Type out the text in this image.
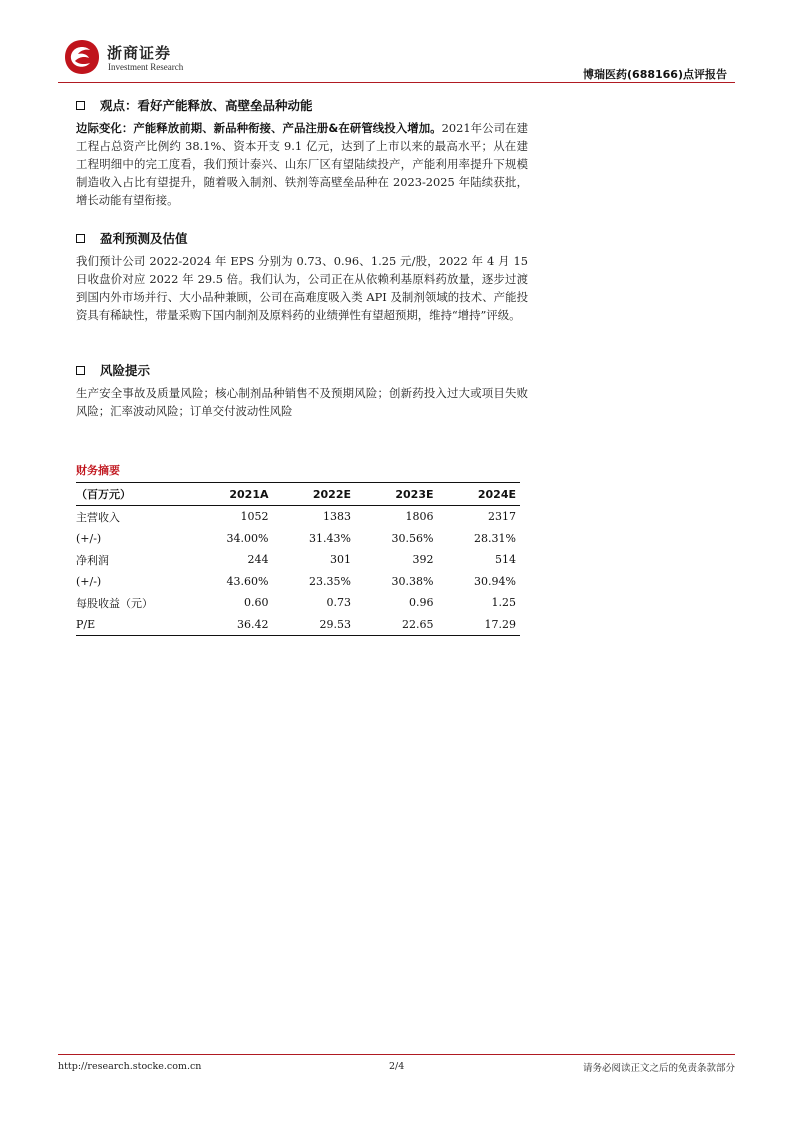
浙商证券
Investment Research
博瑞医药(688166)点评报告
观点：看好产能释放、高壁垒品种动能
边际变化：产能释放前期、新品种衔接、产品注册&在研管线投入增加。2021年公司在建工程占总资产比例约 38.1%、资本开支 9.1 亿元，达到了上市以来的最高水平；从在建工程明细中的完工度看，我们预计泰兴、山东厂区有望陆续投产，产能利用率提升下规模制造收入占比有望提升，随着吸入制剂、铁剂等高壁垒品种在 2023-2025 年陆续获批，增长动能有望衔接。
盈利预测及估值
我们预计公司 2022-2024 年 EPS 分别为 0.73、0.96、1.25 元/股，2022 年 4 月 15 日收盘价对应 2022 年 29.5 倍。我们认为，公司正在从依赖利基原料药放量，逐步过渡到国内外市场并行、大小品种兼顾，公司在高难度吸入类 API 及制剂领域的技术、产能投资具有稀缺性，带量采购下国内制剂及原料药的业绩弹性有望超预期，维持“增持”评级。
风险提示
生产安全事故及质量风险；核心制剂品种销售不及预期风险；创新药投入过大或项目失败风险；汇率波动风险；订单交付波动性风险
财务摘要
（百万元）	2021A	2022E	2023E	2024E
主营收入	1052	1383	1806	2317
(+/-)	34.00%	31.43%	30.56%	28.31%
净利润	244	301	392	514
(+/-)	43.60%	23.35%	30.38%	30.94%
每股收益（元）	0.60	0.73	0.96	1.25
P/E	36.42	29.53	22.65	17.29
http://research.stocke.com.cn	2/4	请务必阅读正文之后的免责条款部分
